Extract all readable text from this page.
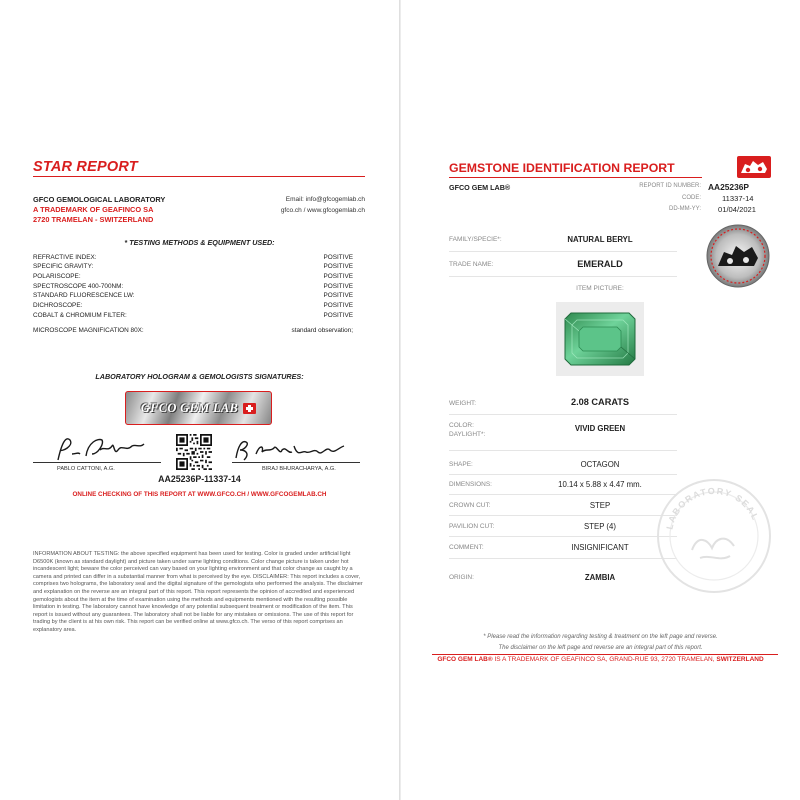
STAR REPORT
GFCO GEMOLOGICAL LABORATORY
A TRADEMARK OF GEAFINCO SA
2720 TRAMELAN - SWITZERLAND
Email: info@gfcogemlab.ch
gfco.ch / www.gfcogemlab.ch
* TESTING METHODS & EQUIPMENT USED:
REFRACTIVE INDEX:	POSITIVE
SPECIFIC GRAVITY:	POSITIVE
POLARISCOPE:	POSITIVE
SPECTROSCOPE 400-700NM:	POSITIVE
STANDARD FLUORESCENCE LW:	POSITIVE
DICHROSCOPE:	POSITIVE
COBALT & CHROMIUM FILTER:	POSITIVE
MICROSCOPE MAGNIFICATION 80X:	standard observation;
LABORATORY HOLOGRAM & GEMOLOGISTS SIGNATURES:
GFCO GEM LAB
PABLO CATTONI, A.G.	BIRAJ BHURACHARYA, A.G.
AA25236P-11337-14
ONLINE CHECKING OF THIS REPORT AT WWW.GFCO.CH / WWW.GFCOGEMLAB.CH
INFORMATION ABOUT TESTING: the above specified equipment has been used for testing. Color is graded under artificial light D6500K (known as standard daylight) and picture taken under same lighting conditions. Color change picture is taken under hot incandescent light; beware the color perceived can vary based on your lighting environment and that color change as caught by a camera and printed can differ in a substantial manner from what is perceived by the eye. DISCLAIMER: This report includes a cover, comprises two holograms, the laboratory seal and the digital signature of the gemologists who performed the analysis. The disclaimer and explanation on the reverse are an integral part of this report. This report represents the opinion of accredited and experienced gemologists about the item at the time of examination using the methods and equipments mentioned with the resulting possible limitation in testing. The laboratory cannot have knowledge of any potential subsequent treatment or modification of the item. This report is issued without any guarantees. The laboratory shall not be liable for any mistakes or omissions. The use of this report for trading by the client is at his own risk. This report can be verified online at www.gfco.ch. The verso of this report comprises an explanatory area.
GEMSTONE IDENTIFICATION REPORT
GFCO GEM LAB®	REPORT ID NUMBER: AA25236P
CODE:	11337-14
DD-MM-YY: 01/04/2021
FAMILY/SPECIE*:	NATURAL BERYL
TRADE NAME:	EMERALD
ITEM PICTURE:
WEIGHT:	2.08 CARATS
COLOR:
DAYLIGHT*:
VIVID GREEN
SHAPE:	OCTAGON
DIMENSIONS:	10.14 x 5.88 x 4.47 mm.
CROWN CUT:	STEP
PAVILION CUT:	STEP (4)
COMMENT:	INSIGNIFICANT
ORIGIN:	ZAMBIA
LABORATORY SEAL
* Please read the information regarding testing & treatment on the left page and reverse.
The disclaimer on the left page and reverse are an integral part of this report.
GFCO GEM LAB® IS A TRADEMARK OF GEAFINCO SA, GRAND-RUE 93, 2720 TRAMELAN, SWITZERLAND
